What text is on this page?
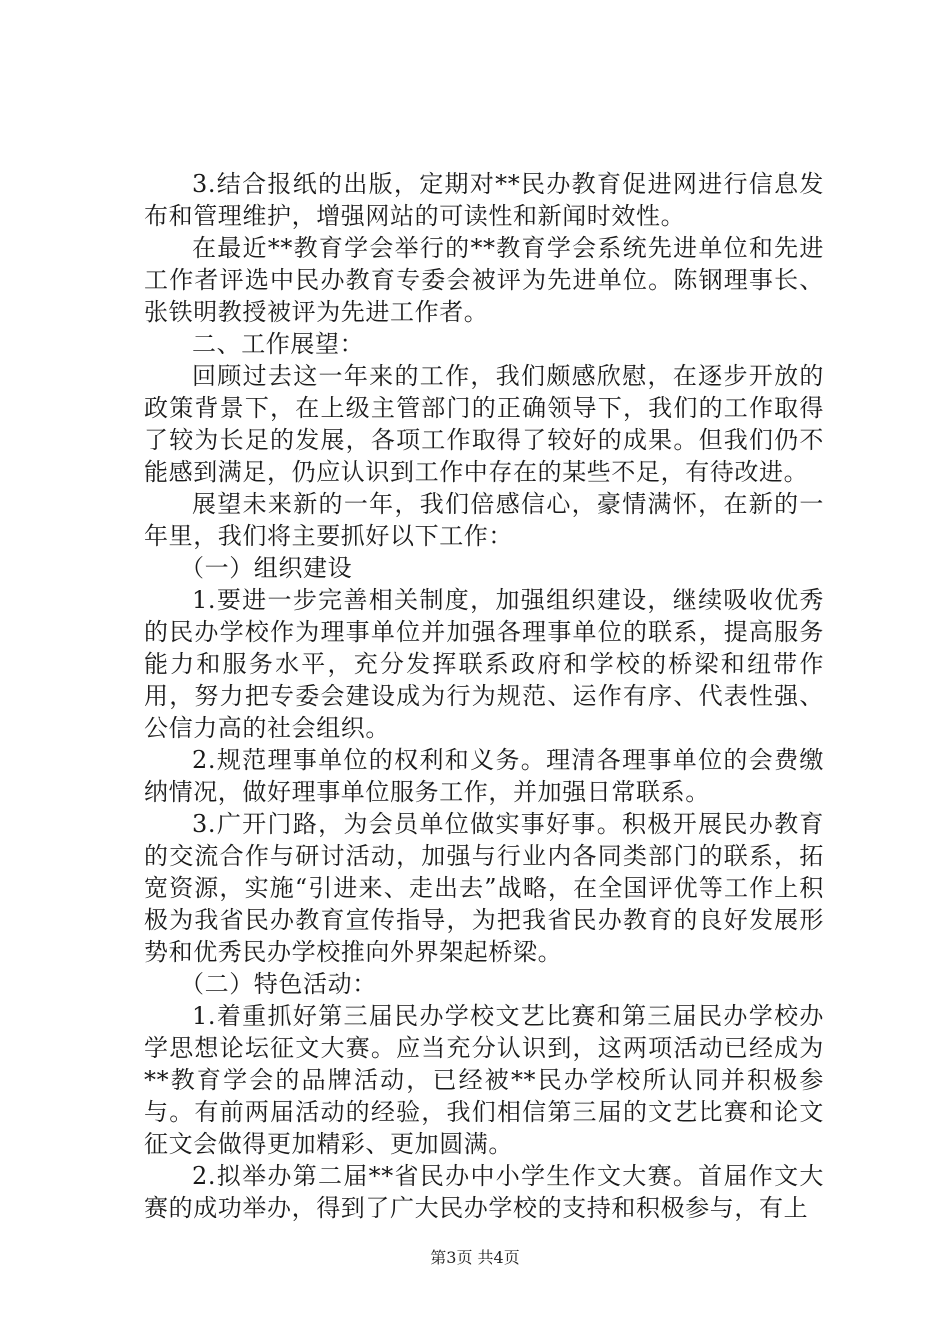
3.结合报纸的出版，定期对**民办教育促进网进行信息发布和管理维护，增强网站的可读性和新闻时效性。

在最近**教育学会举行的**教育学会系统先进单位和先进工作者评选中民办教育专委会被评为先进单位。陈钢理事长、张铁明教授被评为先进工作者。

二、工作展望：

回顾过去这一年来的工作，我们颇感欣慰，在逐步开放的政策背景下，在上级主管部门的正确领导下，我们的工作取得了较为长足的发展，各项工作取得了较好的成果。但我们仍不能感到满足，仍应认识到工作中存在的某些不足，有待改进。

展望未来新的一年，我们倍感信心，豪情满怀，在新的一年里，我们将主要抓好以下工作：

（一）组织建设

1.要进一步完善相关制度，加强组织建设，继续吸收优秀的民办学校作为理事单位并加强各理事单位的联系，提高服务能力和服务水平，充分发挥联系政府和学校的桥梁和纽带作用，努力把专委会建设成为行为规范、运作有序、代表性强、公信力高的社会组织。

2.规范理事单位的权利和义务。理清各理事单位的会费缴纳情况，做好理事单位服务工作，并加强日常联系。

3.广开门路，为会员单位做实事好事。积极开展民办教育的交流合作与研讨活动，加强与行业内各同类部门的联系，拓宽资源，实施“引进来、走出去”战略，在全国评优等工作上积极为我省民办教育宣传指导，为把我省民办教育的良好发展形势和优秀民办学校推向外界架起桥梁。

（二）特色活动：

1.着重抓好第三届民办学校文艺比赛和第三届民办学校办学思想论坛征文大赛。应当充分认识到，这两项活动已经成为**教育学会的品牌活动，已经被**民办学校所认同并积极参与。有前两届活动的经验，我们相信第三届的文艺比赛和论文征文会做得更加精彩、更加圆满。

2.拟举办第二届**省民办中小学生作文大赛。首届作文大赛的成功举办，得到了广大民办学校的支持和积极参与，有上

第3页 共4页
